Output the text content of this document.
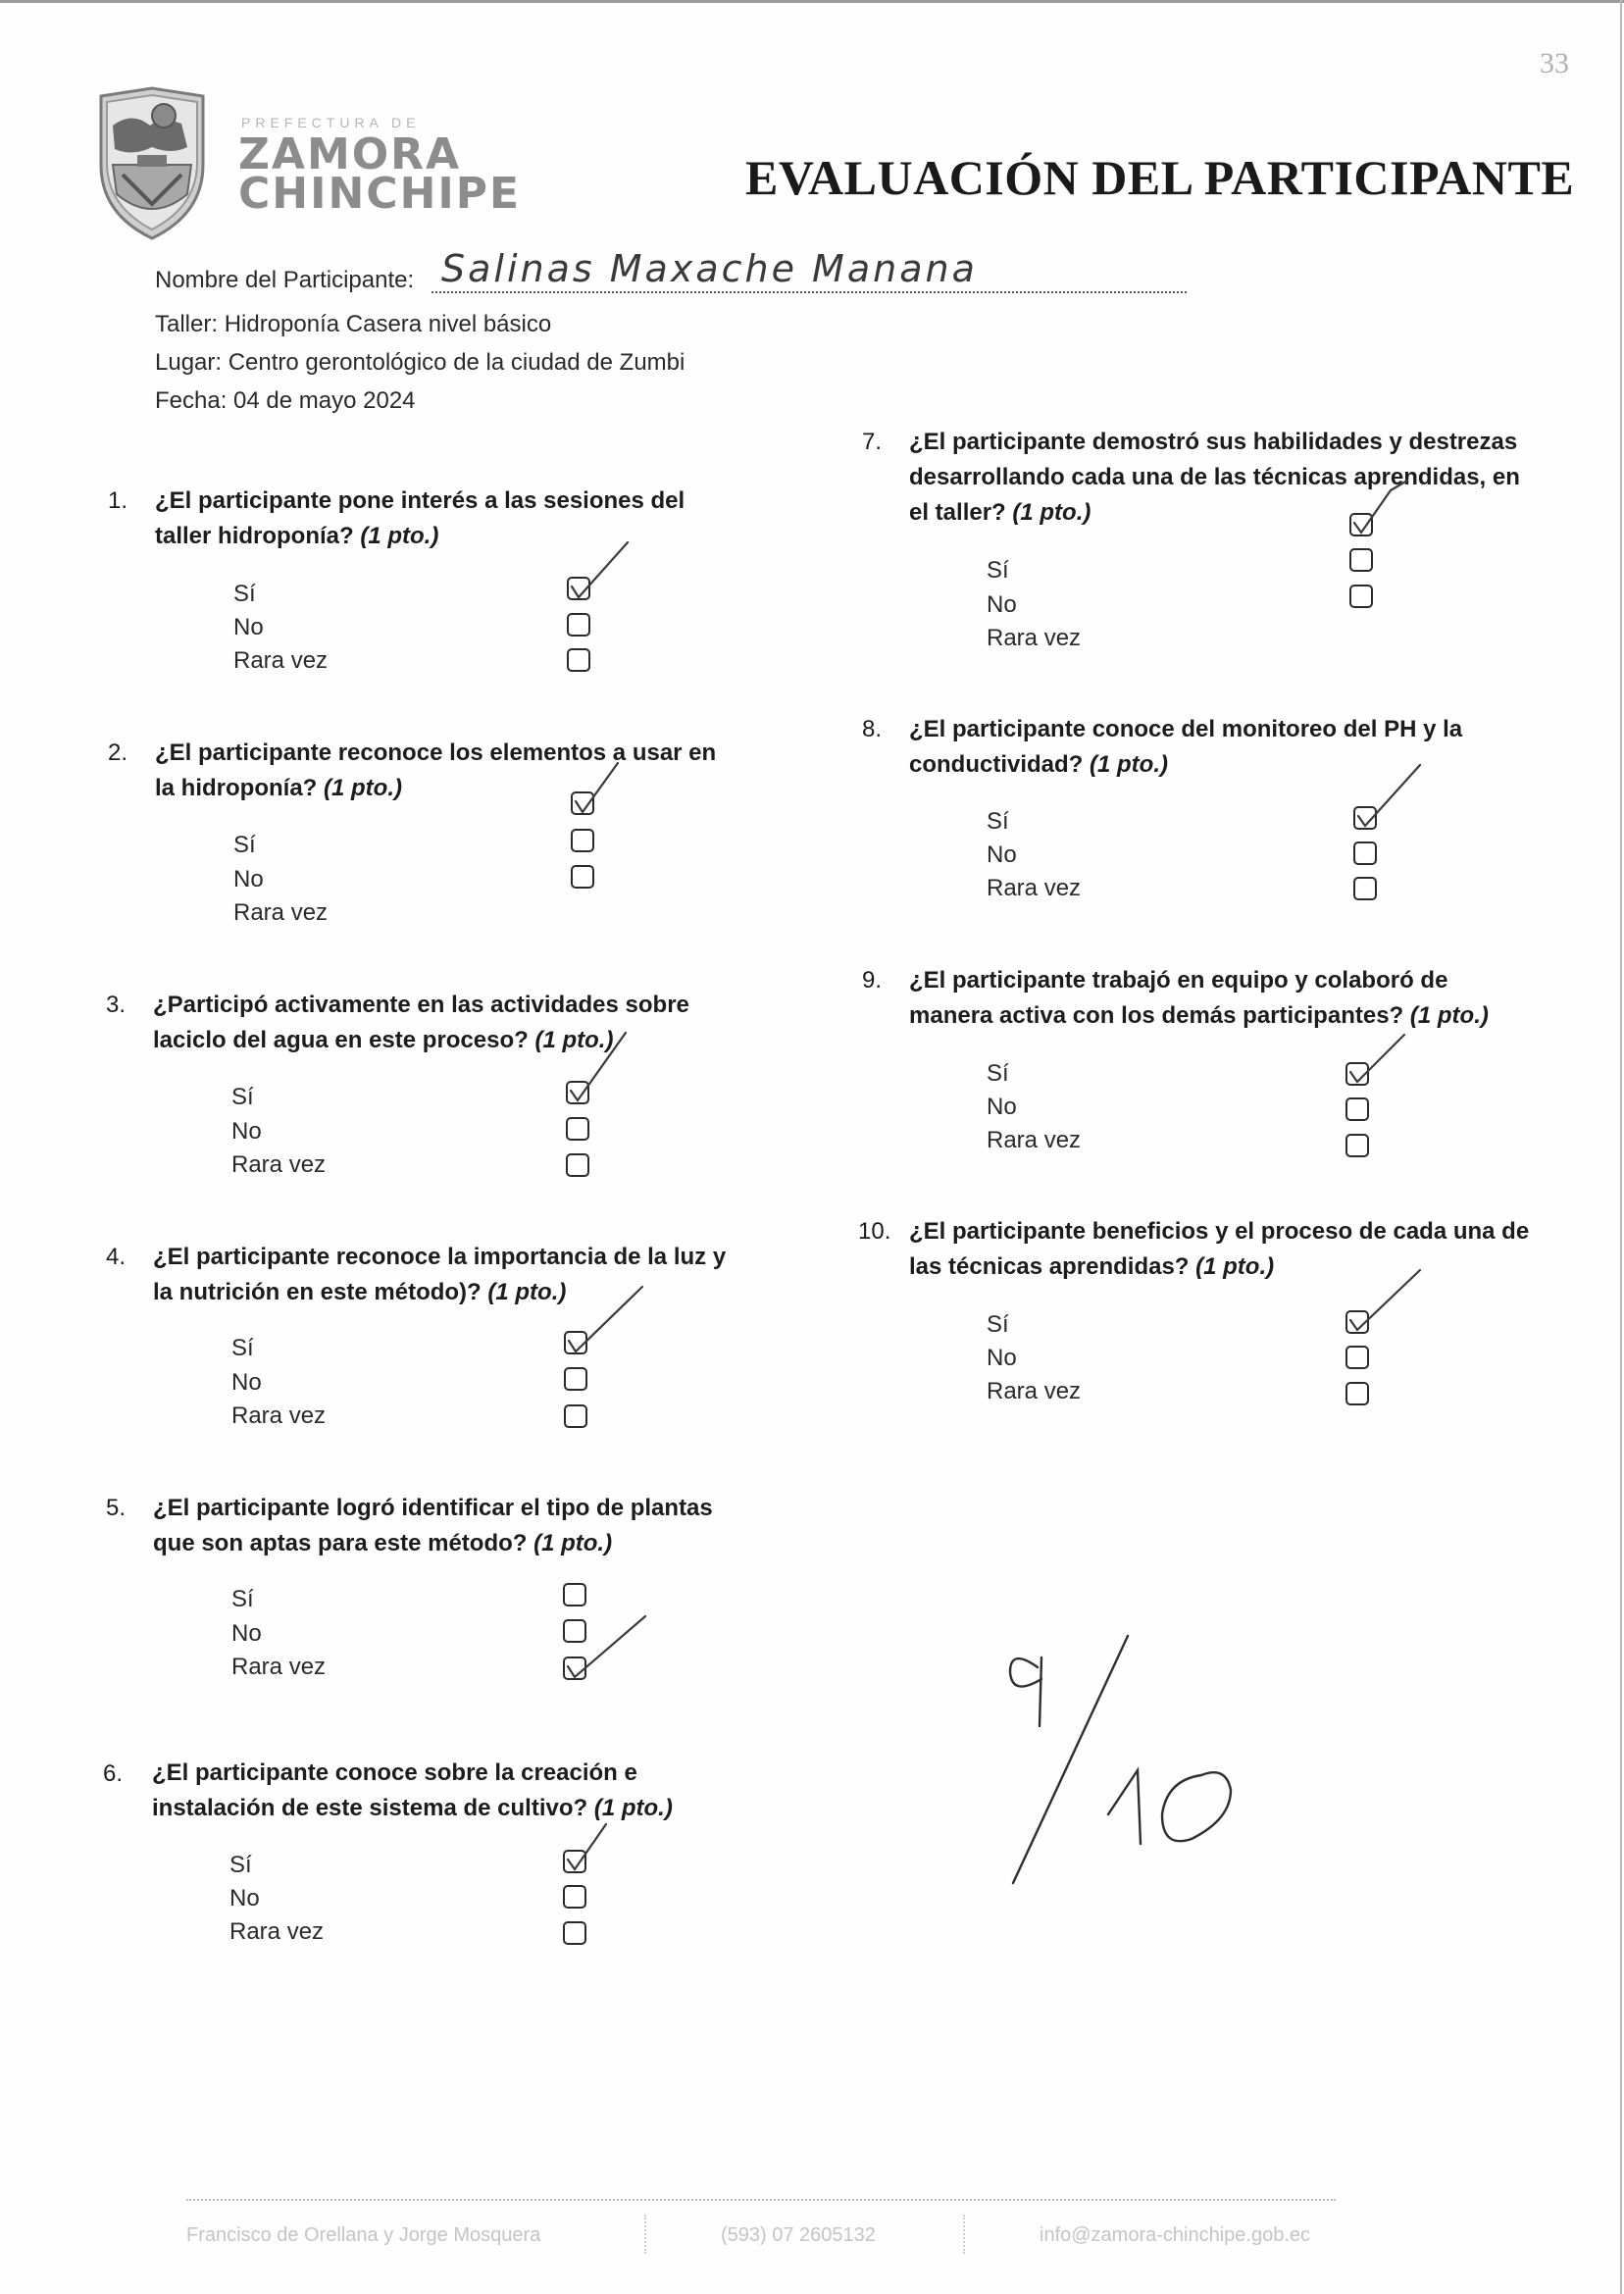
33
PREFECTURA DE
ZAMORA
CHINCHIPE	EVALUACIÓN DEL PARTICIPANTE
Nombre del Participante: Salinas Maxache Manana
Taller: Hidroponía Casera nivel básico
Lugar: Centro gerontológico de la ciudad de Zumbi
Fecha: 04 de mayo 2024
1. ¿El participante pone interés a las sesiones del
taller hidroponía? (1 pto.)
Sí
No
Rara vez
2. ¿El participante reconoce los elementos a usar en
la hidroponía? (1 pto.)
Sí
No
Rara vez
3. ¿Participó activamente en las actividades sobre
laciclo del agua en este proceso? (1 pto.)
Sí
No
Rara vez
4. ¿El participante reconoce la importancia de la luz y
la nutrición en este método)? (1 pto.)
Sí
No
Rara vez
5. ¿El participante logró identificar el tipo de plantas
que son aptas para este método? (1 pto.)
Sí
No
Rara vez
6. ¿El participante conoce sobre la creación e
instalación de este sistema de cultivo? (1 pto.)
Sí
No
Rara vez
7. ¿El participante demostró sus habilidades y destrezas
desarrollando cada una de las técnicas aprendidas, en
el taller? (1 pto.)
Sí
No
Rara vez
8. ¿El participante conoce del monitoreo del PH y la
conductividad? (1 pto.)
Sí
No
Rara vez
9. ¿El participante trabajó en equipo y colaboró de
manera activa con los demás participantes? (1 pto.)
Sí
No
Rara vez
10. ¿El participante beneficios y el proceso de cada una de
las técnicas aprendidas? (1 pto.)
Sí
No
Rara vez
Francisco de Orellana y Jorge Mosquera	(593) 07 2605132	info@zamora-chinchipe.gob.ec
